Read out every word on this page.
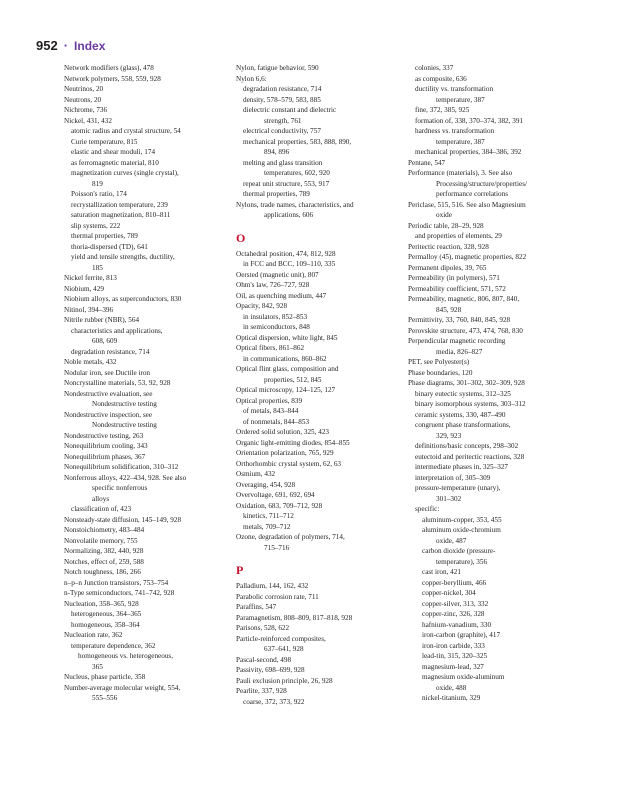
952 · Index
Network modifiers (glass), 478
Network polymers, 558, 559, 928
Neutrinos, 20
Neutrons, 20
Nichrome, 736
Nickel, 431, 432
atomic radius and crystal structure, 54
Curie temperature, 815
elastic and shear moduli, 174
as ferromagnetic material, 810
magnetization curves (single crystal),
819
Poisson's ratio, 174
recrystallization temperature, 239
saturation magnetization, 810–811
slip systems, 222
thermal properties, 789
thoria-dispersed (TD), 641
yield and tensile strengths, ductility,
185
Nickel ferrite, 813
Niobium, 429
Niobium alloys, as superconductors, 830
Nitinol, 394–396
Nitrile rubber (NBR), 564
characteristics and applications,
608, 609
degradation resistance, 714
Noble metals, 432
Nodular iron, see Ductile iron
Noncrystalline materials, 53, 92, 928
Nondestructive evaluation, see
Nondestructive testing
Nondestructive inspection, see
Nondestructive testing
Nondestructive testing, 263
Nonequilibrium cooling, 343
Nonequilibrium phases, 367
Nonequilibrium solidification, 310–312
Nonferrous alloys, 422–434, 928. See also
specific nonferrous
alloys
classification of, 423
Nonsteady-state diffusion, 145–149, 928
Nonstoichiometry, 483–484
Nonvolatile memory, 755
Normalizing, 382, 440, 928
Notches, effect of, 259, 588
Notch toughness, 186, 266
n–p–n Junction transistors, 753–754
n-Type semiconductors, 741–742, 928
Nucleation, 358–365, 928
heterogeneous, 364–365
homogeneous, 358–364
Nucleation rate, 362
temperature dependence, 362
homogeneous vs. heterogeneous,
365
Nucleus, phase particle, 358
Number-average molecular weight, 554,
555–556
Nylon, fatigue behavior, 590
Nylon 6,6:
degradation resistance, 714
density, 578–579, 583, 885
dielectric constant and dielectric
strength, 761
electrical conductivity, 757
mechanical properties, 583, 888, 890,
894, 896
melting and glass transition
temperatures, 602, 920
repeat unit structure, 553, 917
thermal properties, 789
Nylons, trade names, characteristics, and
applications, 606
O
Octahedral position, 474, 812, 928
in FCC and BCC, 109–110, 335
Oersted (magnetic unit), 807
Ohm's law, 726–727, 928
Oil, as quenching medium, 447
Opacity, 842, 928
in insulators, 852–853
in semiconductors, 848
Optical dispersion, white light, 845
Optical fibers, 861–862
in communications, 860–862
Optical flint glass, composition and
properties, 512, 845
Optical microscopy, 124–125, 127
Optical properties, 839
of metals, 843–844
of nonmetals, 844–853
Ordered solid solution, 325, 423
Organic light-emitting diodes, 854–855
Orientation polarization, 765, 929
Orthorhombic crystal system, 62, 63
Osmium, 432
Overaging, 454, 928
Overvoltage, 691, 692, 694
Oxidation, 683, 709–712, 928
kinetics, 711–712
metals, 709–712
Ozone, degradation of polymers, 714,
715–716
P
Palladium, 144, 162, 432
Parabolic corrosion rate, 711
Paraffins, 547
Paramagnetism, 808–809, 817–818, 928
Parisons, 528, 622
Particle-reinforced composites,
637–641, 928
Pascal-second, 498
Passivity, 698–699, 928
Pauli exclusion principle, 26, 928
Pearlite, 337, 928
coarse, 372, 373, 922
colonies, 337
as composite, 636
ductility vs. transformation
temperature, 387
fine, 372, 385, 925
formation of, 338, 370–374, 382, 391
hardness vs. transformation
temperature, 387
mechanical properties, 384–386, 392
Pentane, 547
Performance (materials), 3. See also
Processing/structure/properties/
performance correlations
Periclase, 515, 516. See also Magnesium
oxide
Periodic table, 28–29, 928
and properties of elements, 29
Peritectic reaction, 328, 928
Permalloy (45), magnetic properties, 822
Permanent dipoles, 39, 765
Permeability (in polymers), 571
Permeability coefficient, 571, 572
Permeability, magnetic, 806, 807, 840,
845, 928
Permittivity, 33, 760, 840, 845, 928
Perovskite structure, 473, 474, 768, 830
Perpendicular magnetic recording
media, 826–827
PET, see Polyester(s)
Phase boundaries, 120
Phase diagrams, 301–302, 302–309, 928
binary eutectic systems, 312–325
binary isomorphous systems, 303–312
ceramic systems, 330, 487–490
congruent phase transformations,
329, 923
definitions/basic concepts, 298–302
eutectoid and peritectic reactions, 328
intermediate phases in, 325–327
interpretation of, 305–309
pressure-temperature (unary),
301–302
specific:
aluminum-copper, 353, 455
aluminum oxide-chromium
oxide, 487
carbon dioxide (pressure-
temperature), 356
cast iron, 421
copper-beryllium, 466
copper-nickel, 304
copper-silver, 313, 332
copper-zinc, 326, 328
hafnium-vanadium, 330
iron-carbon (graphite), 417
iron-iron carbide, 333
lead-tin, 315, 320–325
magnesium-lead, 327
magnesium oxide-aluminum
oxide, 488
nickel-titanium, 329
